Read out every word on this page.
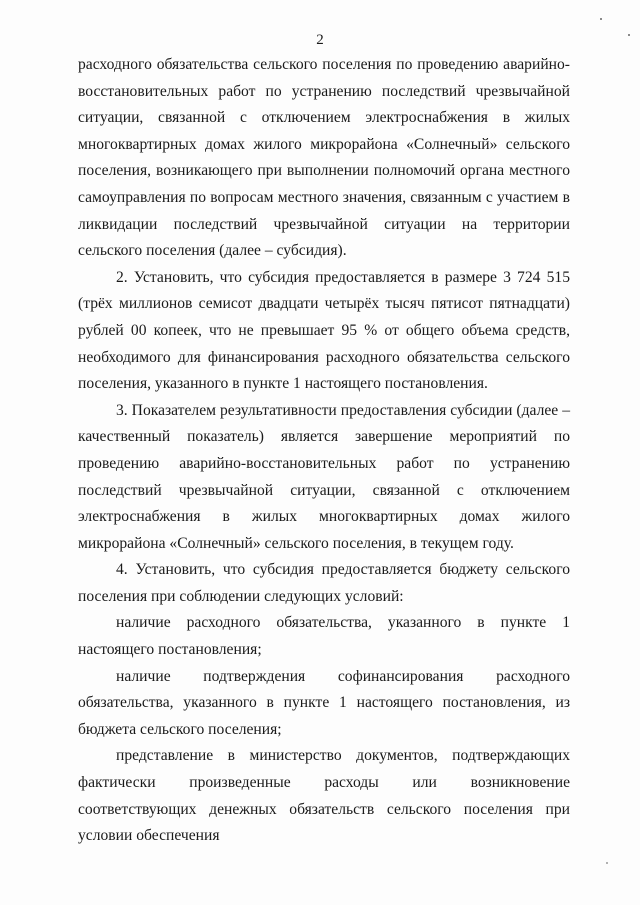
2

расходного обязательства сельского поселения по проведению аварийно-восстановительных работ по устранению последствий чрезвычайной ситуации, связанной с отключением электроснабжения в жилых многоквартирных домах жилого микрорайона «Солнечный» сельского поселения, возникающего при выполнении полномочий органа местного самоуправления по вопросам местного значения, связанным с участием в ликвидации последствий чрезвычайной ситуации на территории сельского поселения (далее – субсидия).

2. Установить, что субсидия предоставляется в размере 3 724 515 (трёх миллионов семисот двадцати четырёх тысяч пятисот пятнадцати) рублей 00 копеек, что не превышает 95 % от общего объема средств, необходимого для финансирования расходного обязательства сельского поселения, указанного в пункте 1 настоящего постановления.

3. Показателем результативности предоставления субсидии (далее – качественный показатель) является завершение мероприятий по проведению аварийно-восстановительных работ по устранению последствий чрезвычайной ситуации, связанной с отключением электроснабжения в жилых многоквартирных домах жилого микрорайона «Солнечный» сельского поселения, в текущем году.

4. Установить, что субсидия предоставляется бюджету сельского поселения при соблюдении следующих условий:

наличие расходного обязательства, указанного в пункте 1 настоящего постановления;

наличие подтверждения софинансирования расходного обязательства, указанного в пункте 1 настоящего постановления, из бюджета сельского поселения;

представление в министерство документов, подтверждающих фактически произведенные расходы или возникновение соответствующих денежных обязательств сельского поселения при условии обеспечения
